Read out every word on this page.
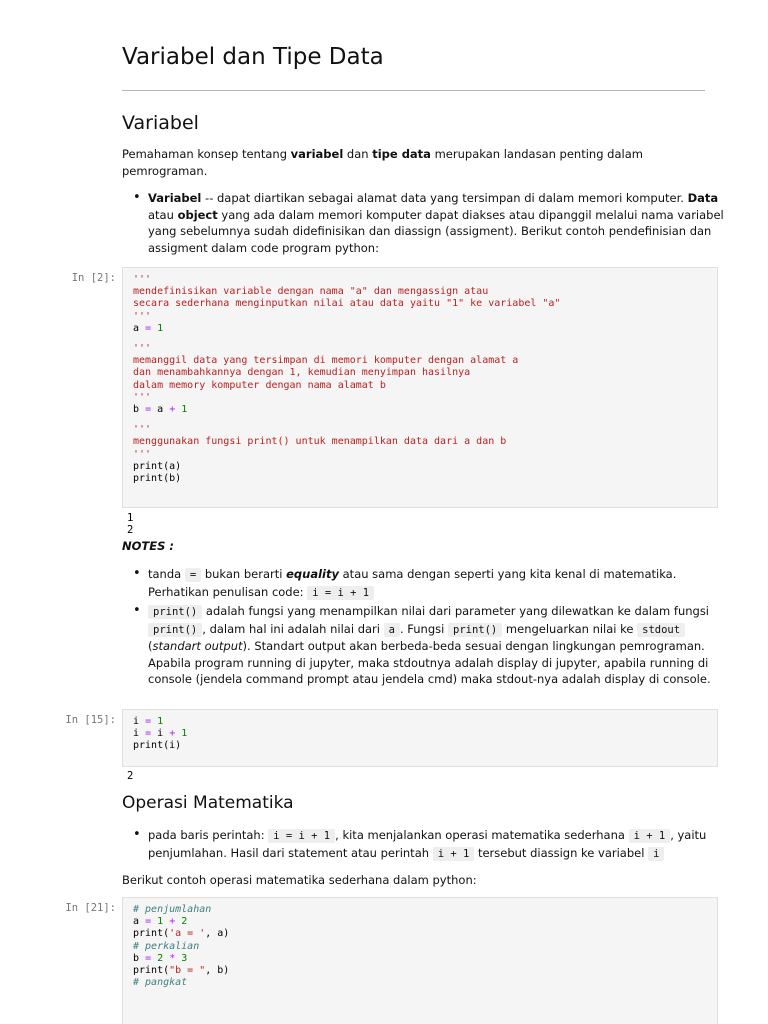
Variabel dan Tipe Data
Variabel

Pemahaman konsep tentang variabel dan tipe data merupakan landasan penting dalam pemrograman.

• Variabel -- dapat diartikan sebagai alamat data yang tersimpan di dalam memori komputer. Data atau object yang ada dalam memori komputer dapat diakses atau dipanggil melalui nama variabel yang sebelumnya sudah didefinisikan dan diassign (assigment). Berikut contoh pendefinisian dan assigment dalam code program python:
In [2]: '''
mendefinisikan variable dengan nama "a" dan mengassign atau
secara sederhana menginputkan nilai atau data yaitu "1" ke variabel "a"
'''
a = 1
'''
memanggil data yang tersimpan di memori komputer dengan alamat a
dan menambahkannya dengan 1, kemudian menyimpan hasilnya
dalam memory komputer dengan nama alamat b
'''
b = a + 1
'''
menggunakan fungsi print() untuk menampilkan data dari a dan b
'''
print(a)
print(b)
1
2
NOTES :
• tanda = bukan berarti equality atau sama dengan seperti yang kita kenal di matematika. Perhatikan penulisan code: i = i + 1
• print() adalah fungsi yang menampilkan nilai dari parameter yang dilewatkan ke dalam fungsi print() , dalam hal ini adalah nilai dari a . Fungsi print() mengeluarkan nilai ke stdout (standart output). Standart output akan berbeda-beda sesuai dengan lingkungan pemrograman. Apabila program running di jupyter, maka stdoutnya adalah display di jupyter, apabila running di console (jendela command prompt atau jendela cmd) maka stdout-nya adalah display di console.
In [15]: i = 1
i = i + 1
print(i)
2
Operasi Matematika
• pada baris perintah: i = i + 1 , kita menjalankan operasi matematika sederhana i + 1 , yaitu penjumlahan. Hasil dari statement atau perintah i + 1 tersebut diassign ke variabel i

Berikut contoh operasi matematika sederhana dalam python:

In [21]: # penjumlahan
a = 1 + 2
print('a = ', a)
# perkalian
b = 2 * 3
print("b = ", b)
# pangkat
